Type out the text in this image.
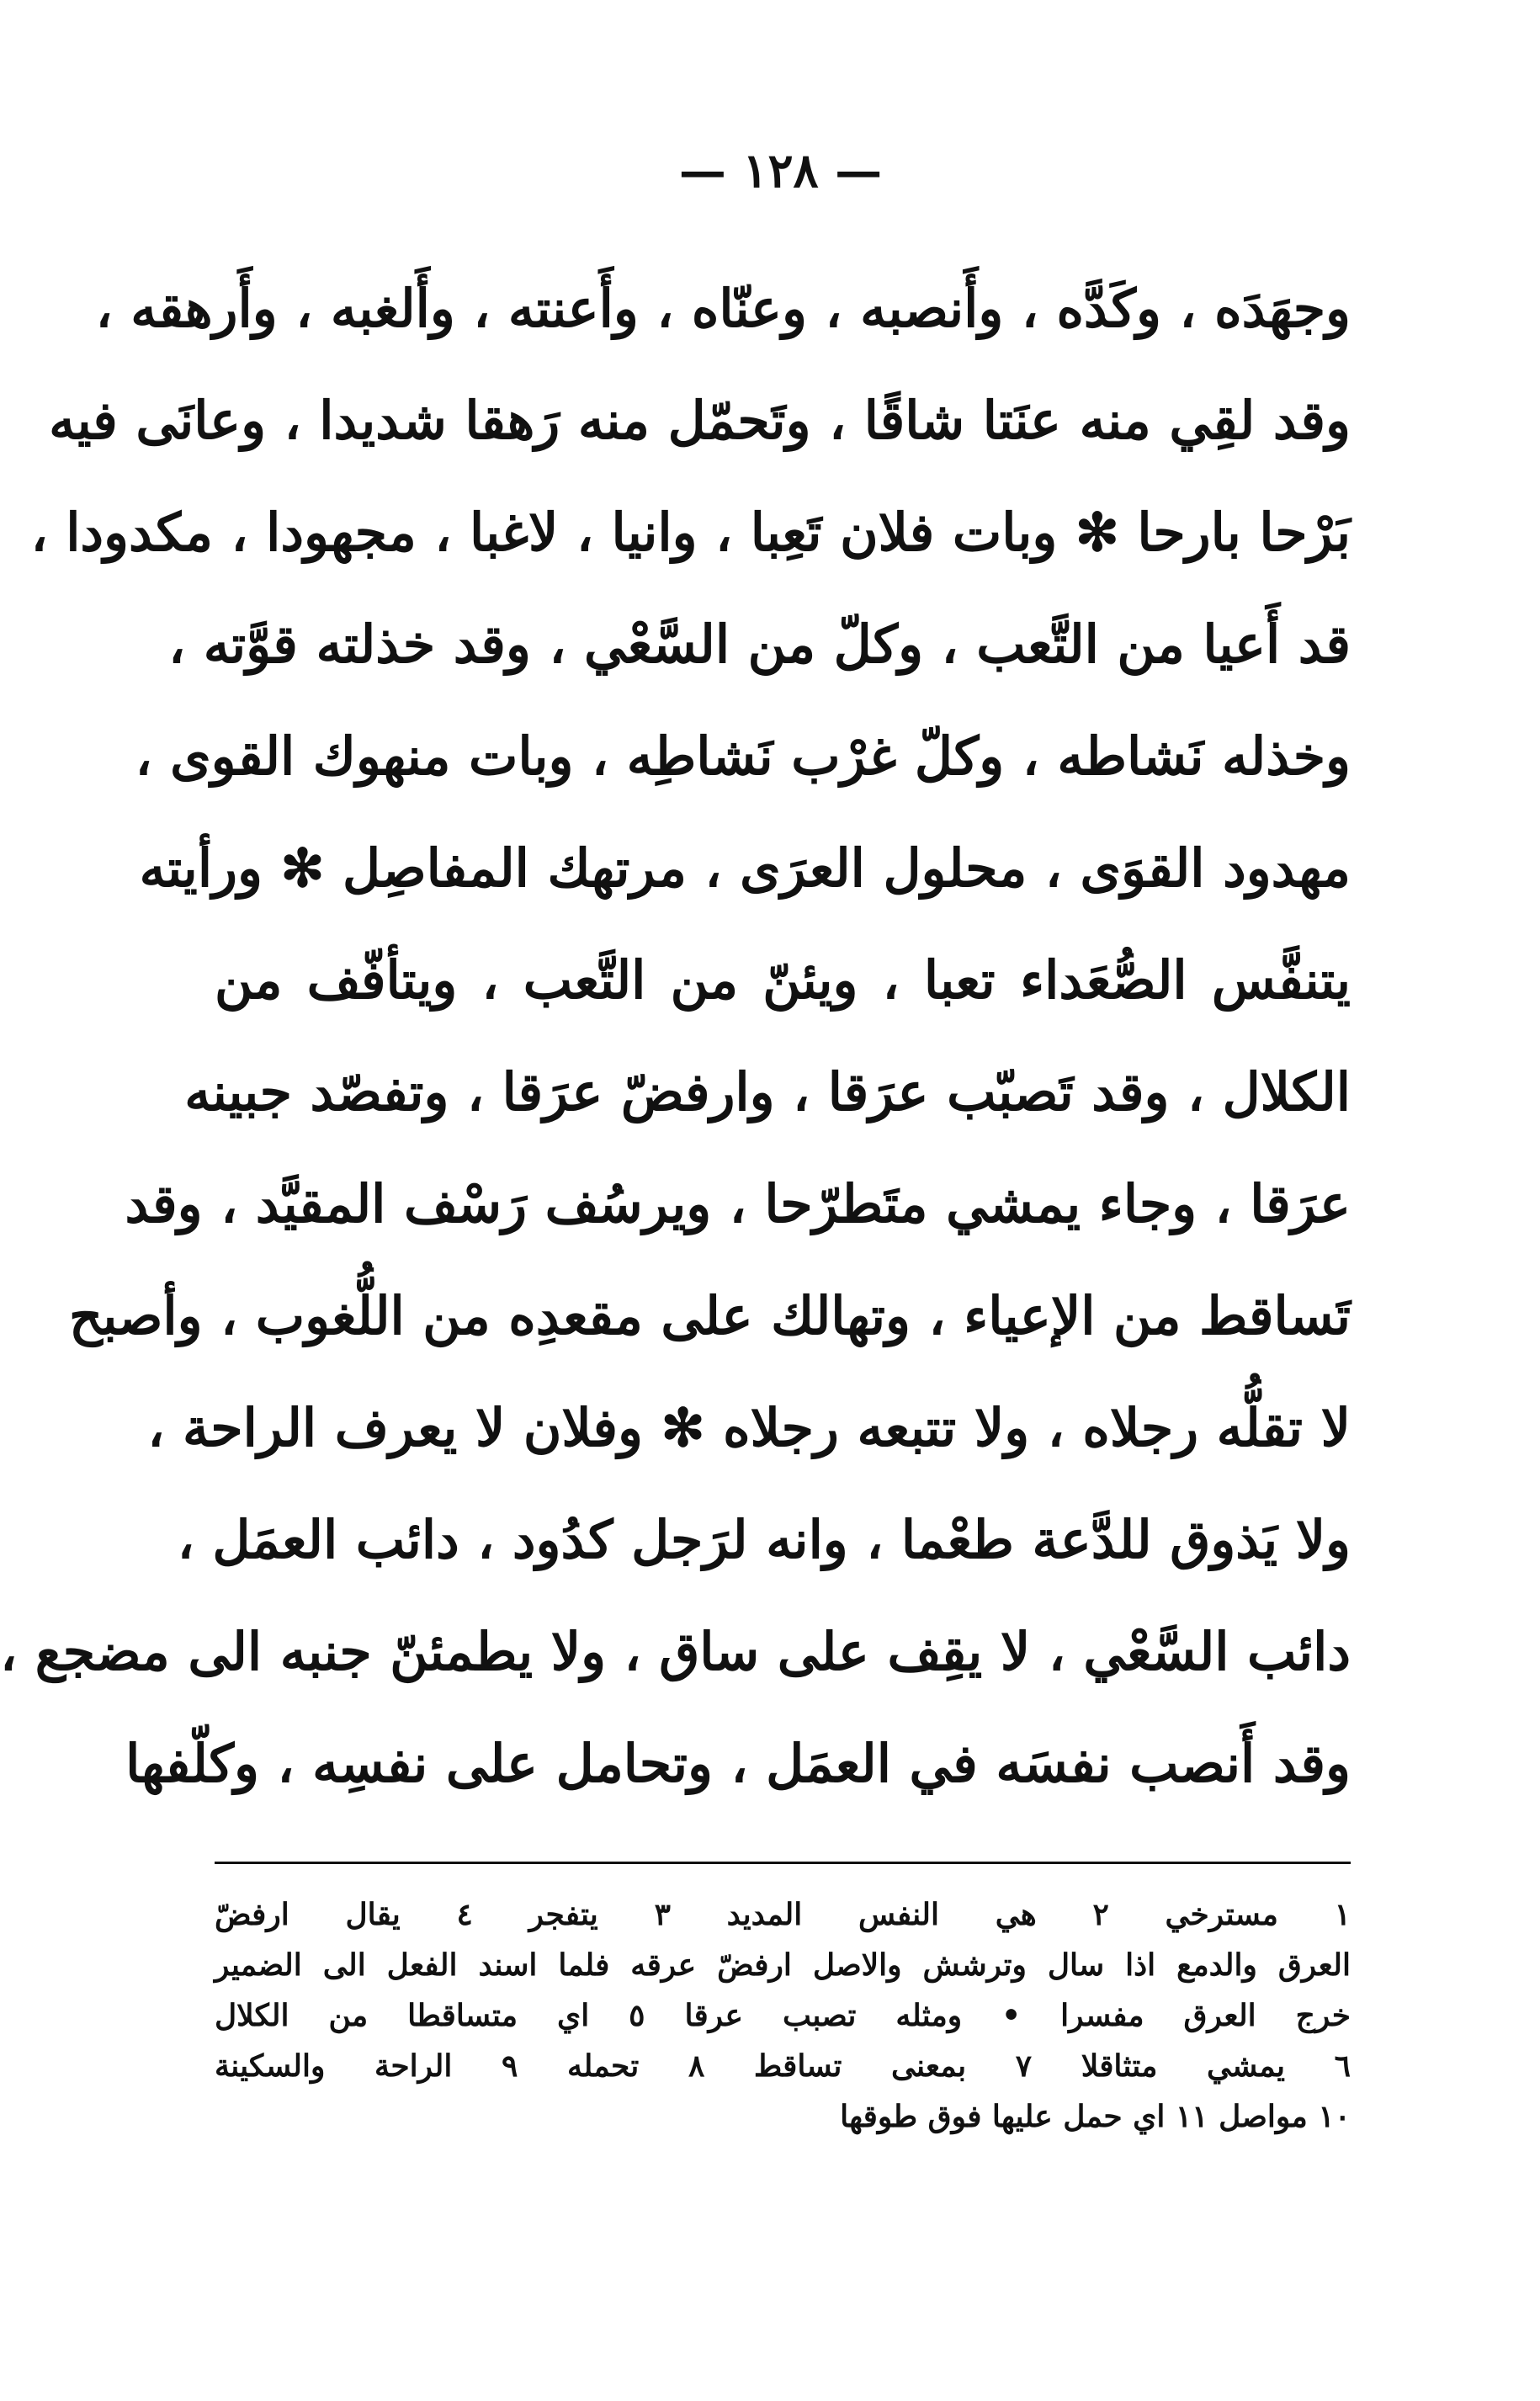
— ١٢٨ —
وجهَدَه ، وكَدَّه ، وأَنصبه ، وعنّاه ، وأَعنته ، وأَلغبه ، وأَرهقه ،
وقد لقِي منه عنَتا شاقًا ، وتَحمّل منه رَهقا شديدا ، وعانَى فيه
بَرْحا بارحا ✻ وبات فلان تَعِبا ، وانيا ، لاغبا ، مجهودا ، مكدودا ،
قد أَعيا من التَّعب ، وكلّ من السَّعْي ، وقد خذلته قوَّته ،
وخذله نَشاطه ، وكلّ غرْب نَشاطِه ، وبات منهوك القوى ،
مهدود القوَى ، محلول العرَى ، مرتهك المفاصِل ✻ ورأيته
يتنفَّس الصُّعَداء تعبا ، ويئنّ من التَّعب ، ويتأفّف من
الكلال ، وقد تَصبّب عرَقا ، وارفضّ عرَقا ، وتفصّد جبينه
عرَقا ، وجاء يمشي متَطرّحا ، ويرسُف رَسْف المقيَّد ، وقد
تَساقط من الإعياء ، وتهالك على مقعدِه من اللُّغوب ، وأصبح
لا تقلُّه رجلاه ، ولا تتبعه رجلاه ✻ وفلان لا يعرف الراحة ،
ولا يَذوق للدَّعة طعْما ، وانه لرَجل كدُود ، دائب العمَل ،
دائب السَّعْي ، لا يقِف على ساق ، ولا يطمئنّ جنبه الى مضجع ،
وقد أَنصب نفسَه في العمَل ، وتحامل على نفسِه ، وكلّفها
١ مسترخي ٢ هي النفس المديد ٣ يتفجر ٤ يقال ارفضّ
العرق والدمع اذا سال وترشش والاصل ارفضّ عرقه فلما اسند الفعل الى الضمير
خرج العرق مفسرا • ومثله تصبب عرقا ٥ اي متساقطا من الكلال
٦ يمشي متثاقلا ٧ بمعنى تساقط ٨ تحمله ٩ الراحة والسكينة
١٠ مواصل ١١ اي حمل عليها فوق طوقها
